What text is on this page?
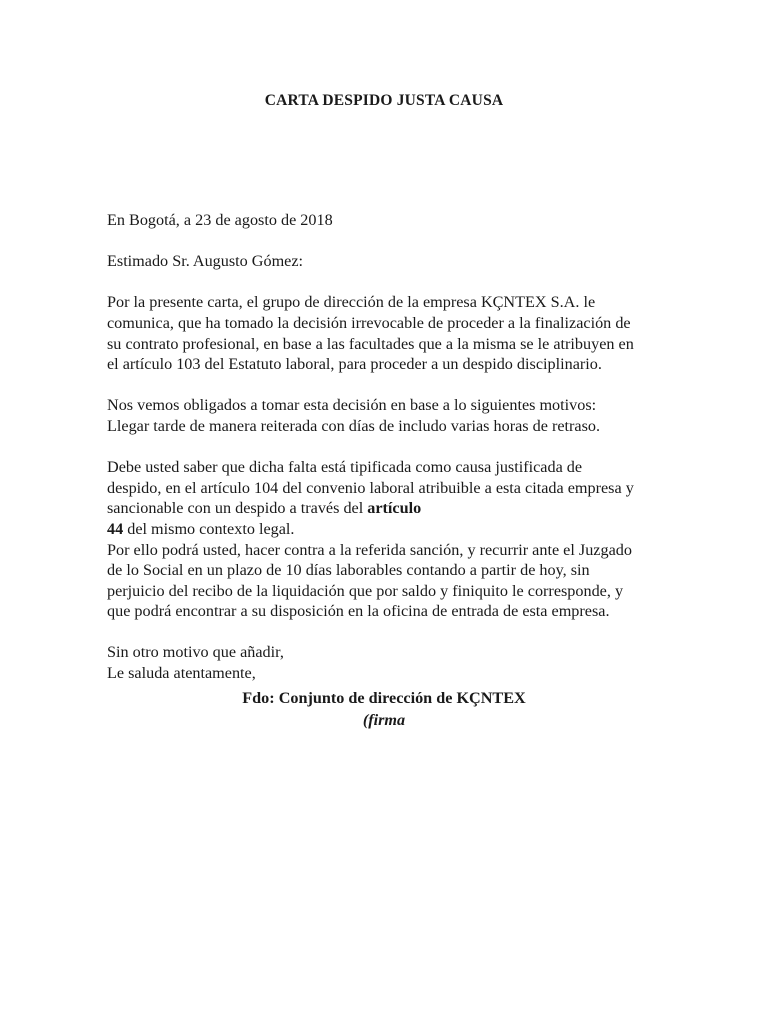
CARTA DESPIDO JUSTA CAUSA

En Bogotá, a 23 de agosto de 2018

Estimado Sr. Augusto Gómez:

Por la presente carta, el grupo de dirección de la empresa KÇNTEX S.A. le
comunica, que ha tomado la decisión irrevocable de proceder a la finalización de
su contrato profesional, en base a las facultades que a la misma se le atribuyen en
el artículo 103 del Estatuto laboral, para proceder a un despido disciplinario.

Nos vemos obligados a tomar esta decisión en base a lo siguientes motivos:
Llegar tarde de manera reiterada con días de includo varias horas de retraso.

Debe usted saber que dicha falta está tipificada como causa justificada de
despido, en el artículo 104 del convenio laboral atribuible a esta citada empresa y
sancionable con un despido a través del artículo
44 del mismo contexto legal.

Por ello podrá usted, hacer contra a la referida sanción, y recurrir ante el Juzgado
de lo Social en un plazo de 10 días laborables contando a partir de hoy, sin
perjuicio del recibo de la liquidación que por saldo y finiquito le corresponde, y
que podrá encontrar a su disposición en la oficina de entrada de esta empresa.

Sin otro motivo que añadir,
Le saluda atentamente,

Fdo: Conjunto de dirección de KÇNTEX
(firma
